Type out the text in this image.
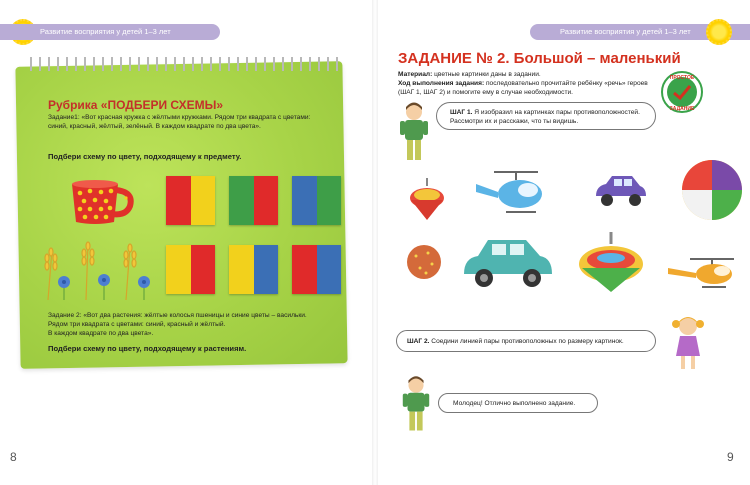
Развитие восприятия у детей 1–3 лет	Развитие восприятия у детей 1–3 лет
Рубрика «ПОДБЕРИ СХЕМЫ»
Задание1: «Вот красная кружка с жёлтыми кружками. Рядом три квадрата с цветами:
синий, красный, жёлтый, зелёный. В каждом квадрате по два цвета».
Подбери схему по цвету, подходящему к предмету.
Задание 2: «Вот два растения: жёлтые колосья пшеницы и синие цветы – васильки.
Рядом три квадрата с цветами: синий, красный и жёлтый.
В каждом квадрате по два цвета».
Подбери схему по цвету, подходящему к растениям.
8
ЗАДАНИЕ № 2. Большой – маленький
Материал: цветные картинки даны в задании.
Ход выполнения задания: последовательно прочитайте ребёнку «речь» героев
(ШАГ 1, ШАГ 2) и помогите ему в случае необходимости.
ПРОСТОЕ
ЗАДАНИЕ
ШАГ 1. Я изобразил на картинках пары противоположностей.
Рассмотри их и расскажи, что ты видишь.
ШАГ 2. Соедини линией пары противоположных по размеру картинок.
Молодец! Отлично выполнено задание.
9
